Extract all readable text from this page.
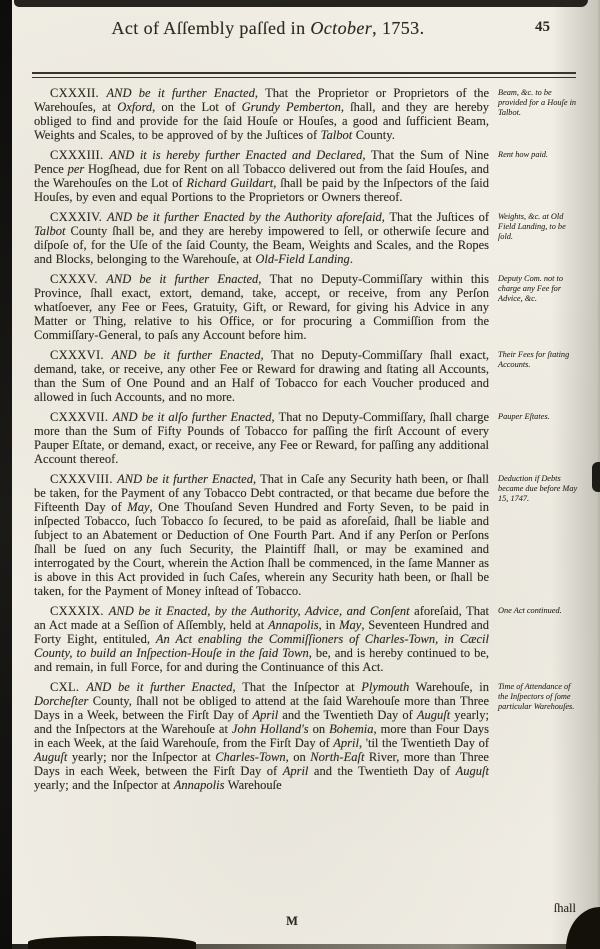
Act of Aſſembly paſſed in October, 1753.	45

CXXXII. AND be it further Enacted, That the Proprietor or Proprietors of the Warehouſes, at Oxford, on the Lot of Grundy Pemberton, ſhall, and they are hereby obliged to find and provide for the ſaid Houſe or Houſes, a good and ſufficient Beam, Weights and Scales, to be approved of by the Juſtices of Talbot County.

Beam, &c. to be provided for a Houſe in Talbot.

CXXXIII. AND it is hereby further Enacted and Declared, That the Sum of Nine Pence per Hogſhead, due for Rent on all Tobacco delivered out from the ſaid Houſes, and the Warehouſes on the Lot of Richard Guildart, ſhall be paid by the Inſpectors of the ſaid Houſes, by even and equal Portions to the Proprietors or Owners thereof.

Rent how paid.

CXXXIV. AND be it further Enacted by the Authority aforeſaid, That the Juſtices of Talbot County ſhall be, and they are hereby impowered to ſell, or otherwiſe ſecure and diſpoſe of, for the Uſe of the ſaid County, the Beam, Weights and Scales, and the Ropes and Blocks, belonging to the Warehouſe, at Old-Field Landing.

Weights, &c. at Old Field Landing, to be ſold.

CXXXV. AND be it further Enacted, That no Deputy-Commiſſary within this Province, ſhall exact, extort, demand, take, accept, or receive, from any Perſon whatſoever, any Fee or Fees, Gratuity, Gift, or Reward, for giving his Advice in any Matter or Thing, relative to his Office, or for procuring a Commiſſion from the Commiſſary-General, to paſs any Account before him.

Deputy Com. not to charge any Fee for Advice, &c.

CXXXVI. AND be it further Enacted, That no Deputy-Commiſſary ſhall exact, demand, take, or receive, any other Fee or Reward for drawing and ſtating all Accounts, than the Sum of One Pound and an Half of Tobacco for each Voucher produced and allowed in ſuch Accounts, and no more.

Their Fees for ſtating Accounts.

CXXXVII. AND be it alſo further Enacted, That no Deputy-Commiſſary, ſhall charge more than the Sum of Fifty Pounds of Tobacco for paſſing the firſt Account of every Pauper Eſtate, or demand, exact, or receive, any Fee or Reward, for paſſing any additional Account thereof.

Pauper Eſtates.

CXXXVIII. AND be it further Enacted, That in Caſe any Security hath been, or ſhall be taken, for the Payment of any Tobacco Debt contracted, or that became due before the Fifteenth Day of May, One Thouſand Seven Hundred and Forty Seven, to be paid in inſpected Tobacco, ſuch Tobacco ſo ſecured, to be paid as aforeſaid, ſhall be liable and ſubject to an Abatement or Deduction of One Fourth Part. And if any Perſon or Perſons ſhall be ſued on any ſuch Security, the Plaintiff ſhall, or may be examined and interrogated by the Court, wherein the Action ſhall be commenced, in the ſame Manner as is above in this Act provided in ſuch Caſes, wherein any Security hath been, or ſhall be taken, for the Payment of Money inſtead of Tobacco.

Deduction if Debts became due before May 15, 1747.

CXXXIX. AND be it Enacted, by the Authority, Advice, and Conſent aforeſaid, That an Act made at a Seſſion of Aſſembly, held at Annapolis, in May, Seventeen Hundred and Forty Eight, entituled, An Act enabling the Commiſſioners of Charles-Town, in Cæcil County, to build an Inſpection-Houſe in the ſaid Town, be, and is hereby continued to be, and remain, in full Force, for and during the Continuance of this Act.

One Act continued.

CXL. AND be it further Enacted, That the Inſpector at Plymouth Warehouſe, in Dorcheſter County, ſhall not be obliged to attend at the ſaid Warehouſe more than Three Days in a Week, between the Firſt Day of April and the Twentieth Day of Auguſt yearly; and the Inſpectors at the Warehouſe at John Holland's on Bohemia, more than Four Days in each Week, at the ſaid Warehouſe, from the Firſt Day of April, 'til the Twentieth Day of Auguſt yearly; nor the Inſpector at Charles-Town, on North-Eaſt River, more than Three Days in each Week, between the Firſt Day of April and the Twentieth Day of Auguſt yearly; and the Inſpector at Annapolis Warehouſe

Time of Attendance of the Inſpectors of ſome particular Warehouſes.
ſhall
M
